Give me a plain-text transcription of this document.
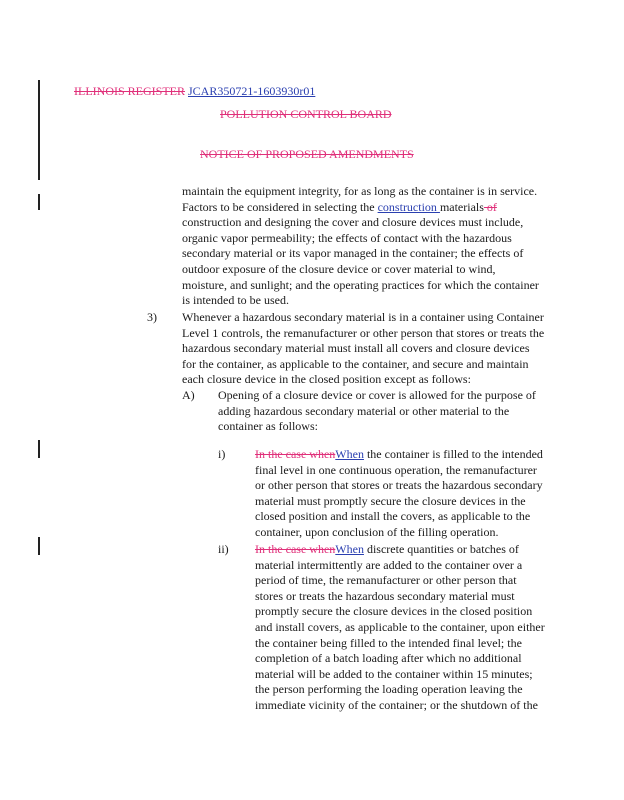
ILLINOIS REGISTER JCAR350721-1603930r01
POLLUTION CONTROL BOARD
NOTICE OF PROPOSED AMENDMENTS
maintain the equipment integrity, for as long as the container is in service. Factors to be considered in selecting the construction materials of construction and designing the cover and closure devices must include, organic vapor permeability; the effects of contact with the hazardous secondary material or its vapor managed in the container; the effects of outdoor exposure of the closure device or cover material to wind, moisture, and sunlight; and the operating practices for which the container is intended to be used.
3) Whenever a hazardous secondary material is in a container using Container Level 1 controls, the remanufacturer or other person that stores or treats the hazardous secondary material must install all covers and closure devices for the container, as applicable to the container, and secure and maintain each closure device in the closed position except as follows:
A) Opening of a closure device or cover is allowed for the purpose of adding hazardous secondary material or other material to the container as follows:
i) In the case whenWhen the container is filled to the intended final level in one continuous operation, the remanufacturer or other person that stores or treats the hazardous secondary material must promptly secure the closure devices in the closed position and install the covers, as applicable to the container, upon conclusion of the filling operation.
ii) In the case whenWhen discrete quantities or batches of material intermittently are added to the container over a period of time, the remanufacturer or other person that stores or treats the hazardous secondary material must promptly secure the closure devices in the closed position and install covers, as applicable to the container, upon either the container being filled to the intended final level; the completion of a batch loading after which no additional material will be added to the container within 15 minutes; the person performing the loading operation leaving the immediate vicinity of the container; or the shutdown of the
